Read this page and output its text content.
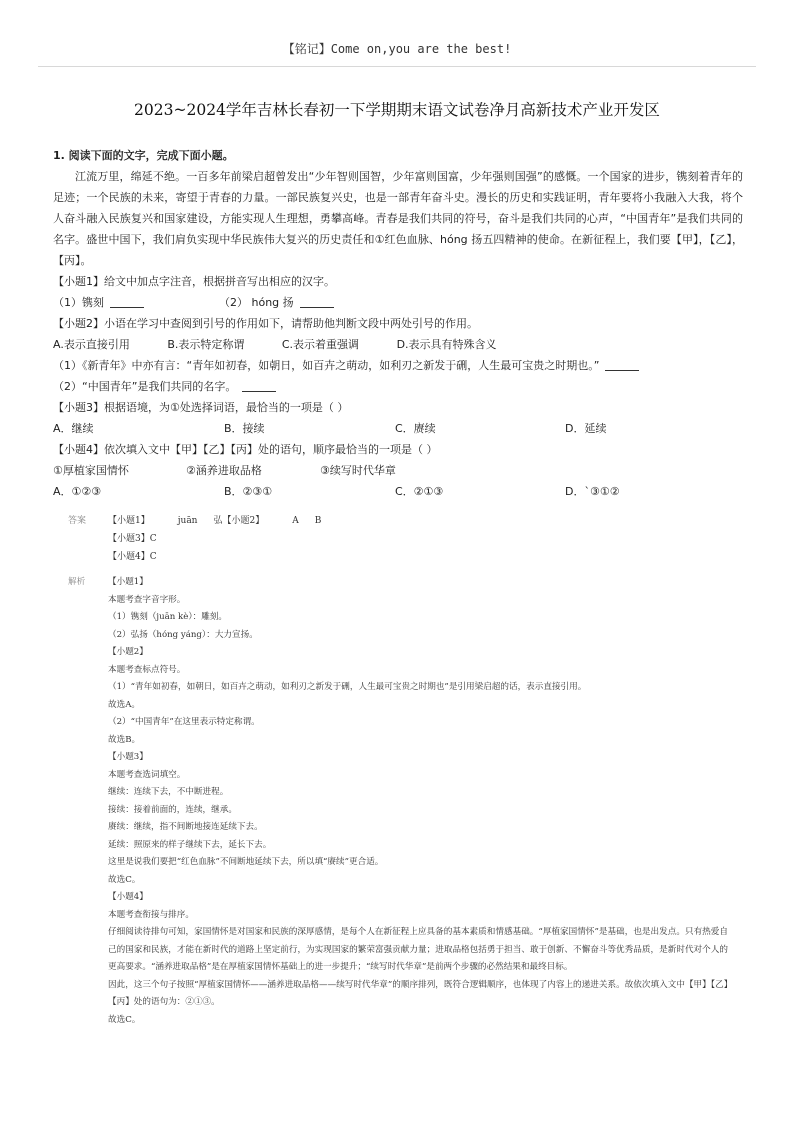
【铭记】Come on,you are the best!
2023~2024学年吉林长春初一下学期期末语文试卷净月高新技术产业开发区
1. 阅读下面的文字，完成下面小题。
江流万里，绵延不绝。一百多年前梁启超曾发出“少年智则国智，少年富则国富，少年强则国强”的感慨。一个国家的进步，镌刻着青年的足迹；一个民族的未来，寄望于青春的力量。一部民族复兴史，也是一部青年奋斗史。漫长的历史和实践证明，青年要将小我融入大我，将个人奋斗融入民族复兴和国家建设，方能实现人生理想，勇攀高峰。青春是我们共同的符号，奋斗是我们共同的心声，“中国青年”是我们共同的名字。盛世中国下，我们肩负实现中华民族伟大复兴的历史责任和①红色血脉、hóng 扬五四精神的使命。在新征程上，我们要【甲】，【乙】，【丙】。
【小题1】给文中加点字注音，根据拼音写出相应的汉字。
（1）镌刻	（2） hóng 扬
【小题2】小语在学习中查阅到引号的作用如下，请帮助他判断文段中两处引号的作用。
A.表示直接引用	B.表示特定称谓	C.表示着重强调	D.表示具有特殊含义
（1）《新青年》中亦有言：“青年如初春，如朝日，如百卉之萌动，如利刃之新发于硎，人生最可宝贵之时期也。”
（2）“中国青年”是我们共同的名字。
【小题3】根据语境，为①处选择词语，最恰当的一项是（ ）
A．继续	B．接续	C．赓续	D．延续
【小题4】依次填入文中【甲】【乙】【丙】处的语句，顺序最恰当的一项是（ ）
①厚植家国情怀	②涵养进取品格	③续写时代华章
A．①②③	B．②③①	C．②①③	D．`③①②
答案	【小题1】	juān 弘【小题2】	A B
【小题3】C
【小题4】C
解析	【小题1】
本题考查字音字形。
（1）镌刻（juān kè）：雕刻。
（2）弘扬（hóng yáng）：大力宣扬。
【小题2】
本题考查标点符号。
（1）“青年如初春，如朝日，如百卉之萌动，如利刃之新发于硎，人生最可宝贵之时期也”是引用梁启超的话，表示直接引用。
故选A。
（2）“中国青年”在这里表示特定称谓。
故选B。
【小题3】
本题考查选词填空。
继续：连续下去，不中断进程。
接续：接着前面的，连续，继承。
赓续：继续，指不间断地接连延续下去。
延续：照原来的样子继续下去，延长下去。
这里是说我们要把“红色血脉”不间断地延续下去，所以填“赓续”更合适。
故选C。
【小题4】
本题考查衔接与排序。
仔细阅读待排句可知，家国情怀是对国家和民族的深厚感情，是每个人在新征程上应具备的基本素质和情感基础。“厚植家国情怀”是基础，也是出发点。只有热爱自己的国家和民族，才能在新时代的道路上坚定前行，为实现国家的繁荣富强贡献力量；进取品格包括勇于担当、敢于创新、不懈奋斗等优秀品质，是新时代对个人的更高要求。“涵养进取品格”是在厚植家国情怀基础上的进一步提升；“续写时代华章”是前两个步骤的必然结果和最终目标。
因此，这三个句子按照“厚植家国情怀——涵养进取品格——续写时代华章”的顺序排列，既符合逻辑顺序，也体现了内容上的递进关系。故依次填入文中【甲】【乙】【丙】处的语句为：②①③。
故选C。
